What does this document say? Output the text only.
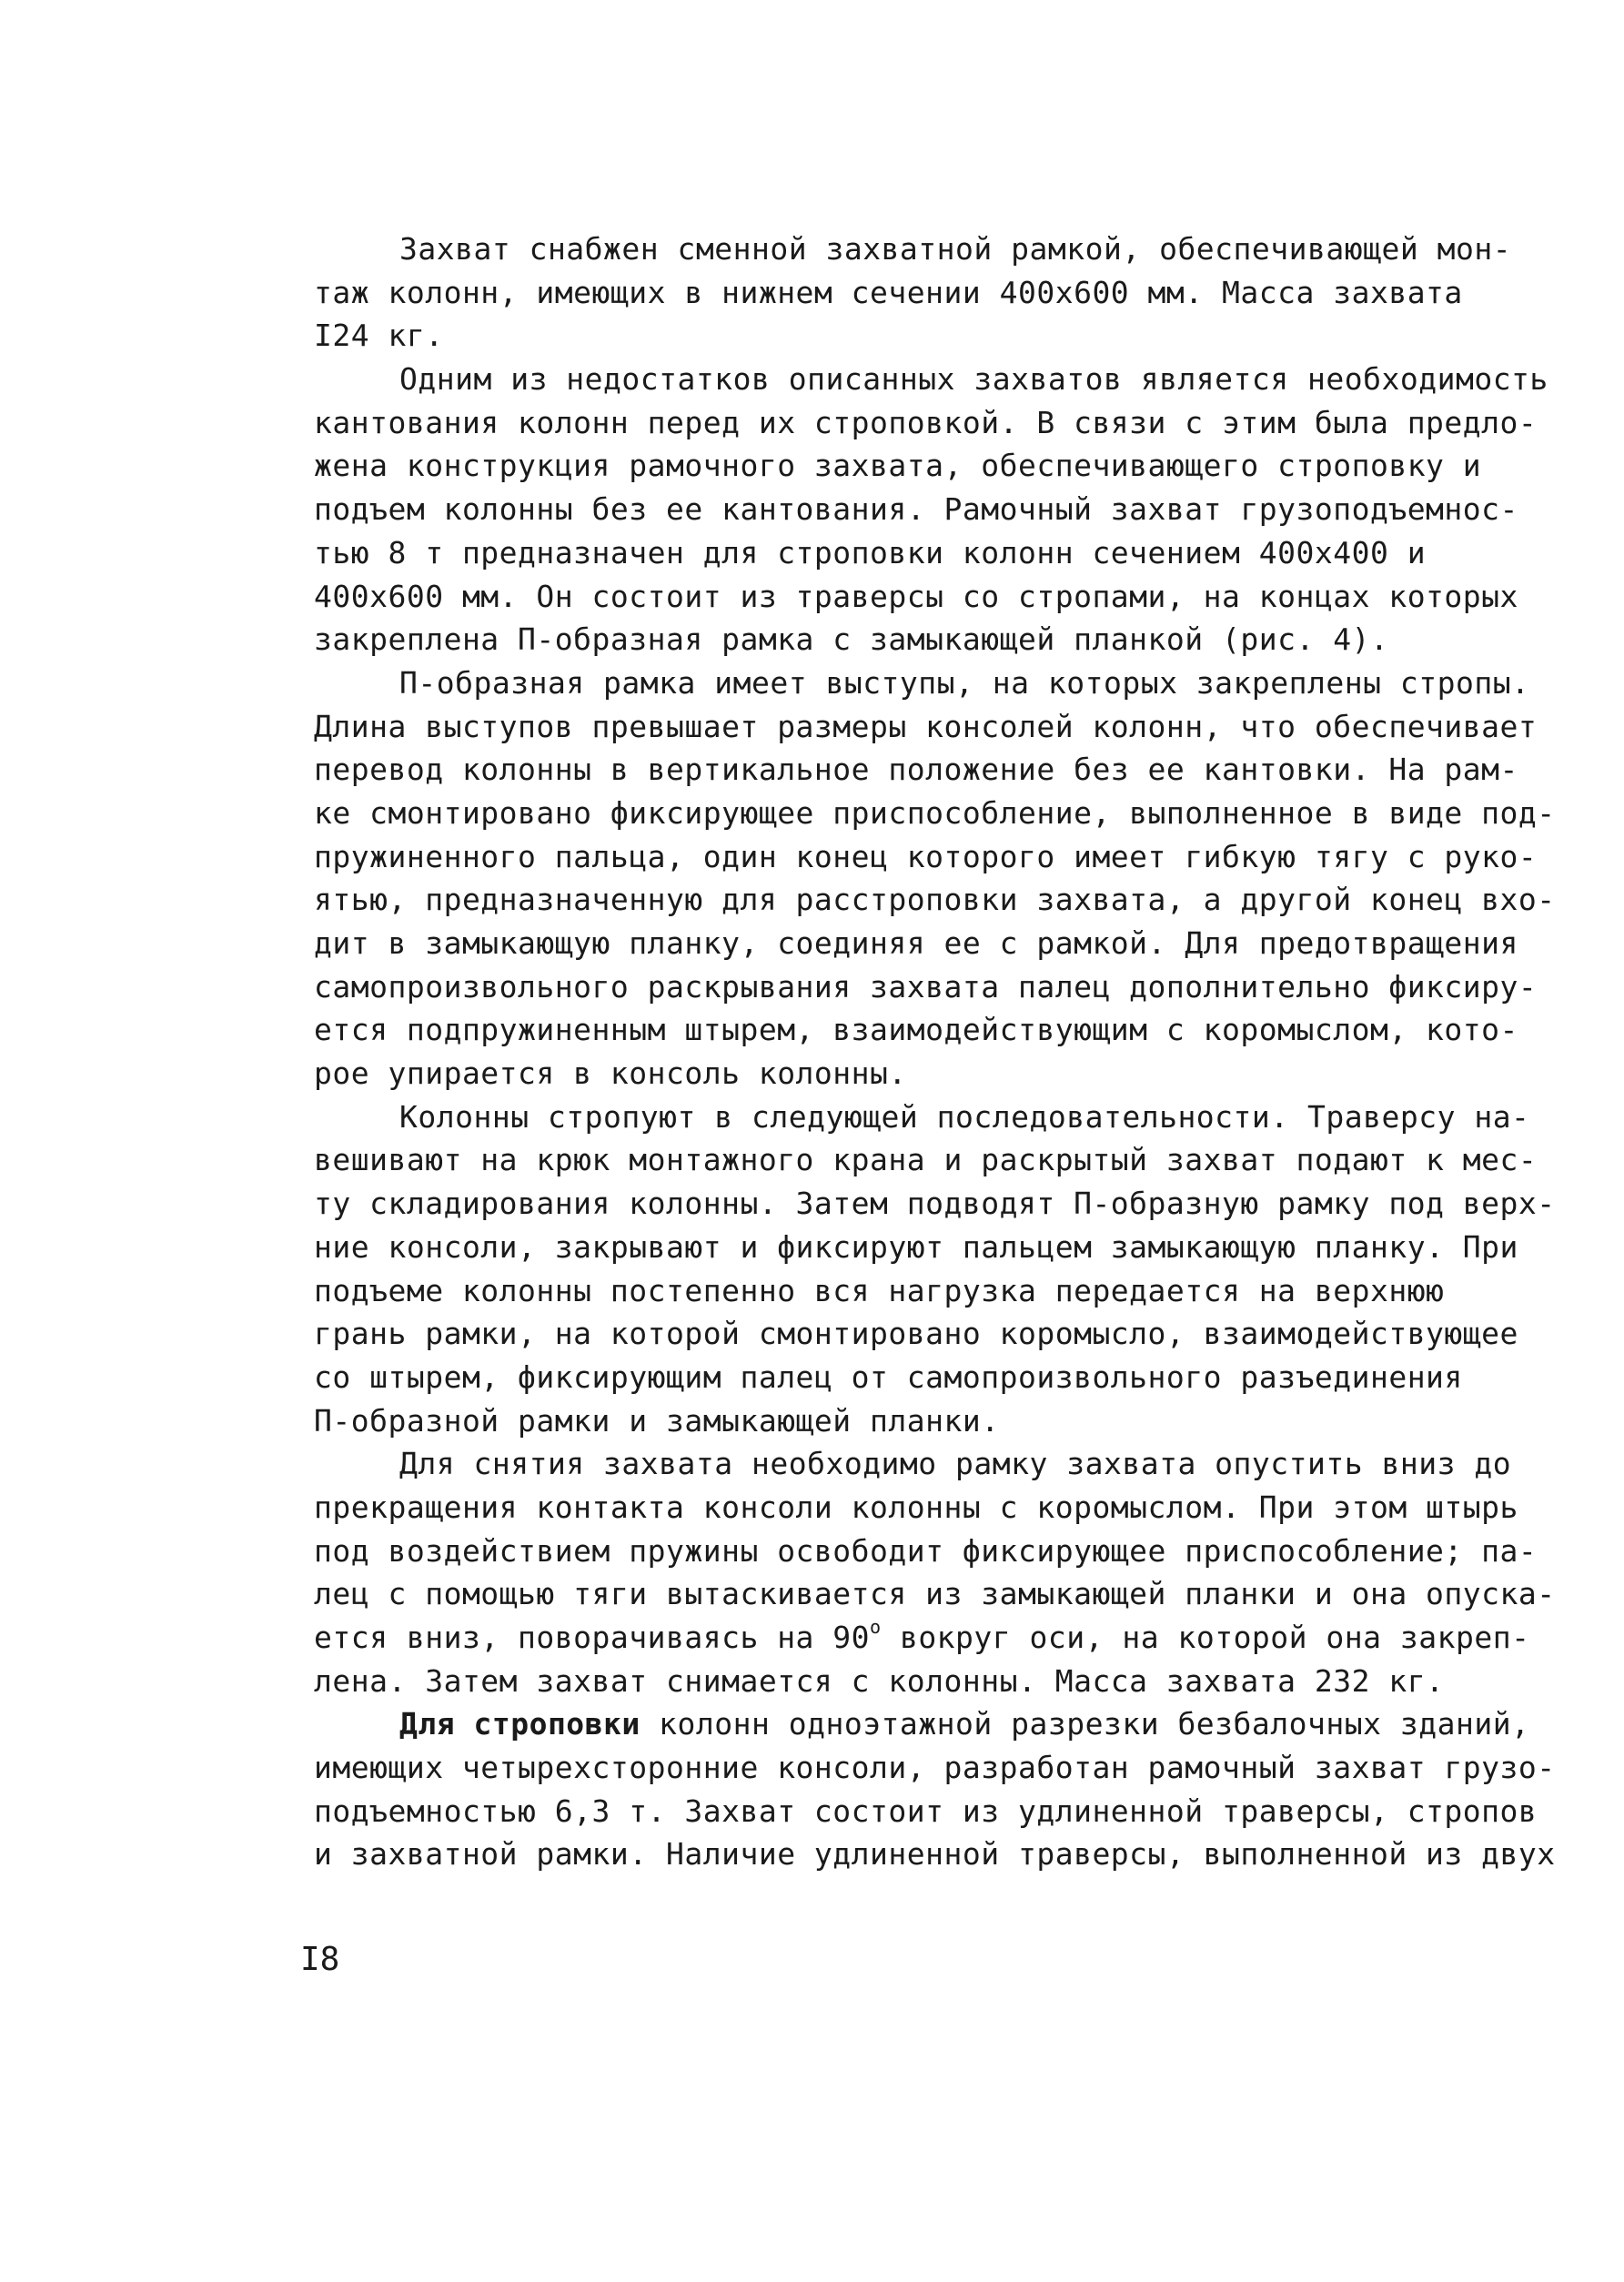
Захват снабжен сменной захватной рамкой, обеспечивающей мон-
таж колонн, имеющих в нижнем сечении 400х600 мм. Масса захвата
I24 кг.
Одним из недостатков описанных захватов является необходимость
кантования колонн перед их строповкой. В связи с этим была предло-
жена конструкция рамочного захвата, обеспечивающего строповку и
подъем колонны без ее кантования. Рамочный захват грузоподъемнос-
тью 8 т предназначен для строповки колонн сечением 400х400 и
400х600 мм. Он состоит из траверсы со стропами, на концах которых
закреплена П-образная рамка с замыкающей планкой (рис. 4).
П-образная рамка имеет выступы, на которых закреплены стропы.
Длина выступов превышает размеры консолей колонн, что обеспечивает
перевод колонны в вертикальное положение без ее кантовки. На рам-
ке смонтировано фиксирующее приспособление, выполненное в виде под-
пружиненного пальца, один конец которого имеет гибкую тягу с руко-
ятью, предназначенную для расстроповки захвата, а другой конец вхо-
дит в замыкающую планку, соединяя ее с рамкой. Для предотвращения
самопроизвольного раскрывания захвата палец дополнительно фиксиру-
ется подпружиненным штырем, взаимодействующим с коромыслом, кото-
рое упирается в консоль колонны.
Колонны стропуют в следующей последовательности. Траверсу на-
вешивают на крюк монтажного крана и раскрытый захват подают к мес-
ту складирования колонны. Затем подводят П-образную рамку под верх-
ние консоли, закрывают и фиксируют пальцем замыкающую планку. При
подъеме колонны постепенно вся нагрузка передается на верхнюю
грань рамки, на которой смонтировано коромысло, взаимодействующее
со штырем, фиксирующим палец от самопроизвольного разъединения
П-образной рамки и замыкающей планки.
Для снятия захвата необходимо рамку захвата опустить вниз до
прекращения контакта консоли колонны с коромыслом. При этом штырь
под воздействием пружины освободит фиксирующее приспособление; па-
лец с помощью тяги вытаскивается из замыкающей планки и она опуска-
ется вниз, поворачиваясь на $90^о$ вокруг оси, на которой она закреп-
лена. Затем захват снимается с колонны. Масса захвата 232 кг.
Для строповки колонн одноэтажной разрезки безбалочных зданий,
имеющих четырехсторонние консоли, разработан рамочный захват грузо-
подъемностью 6,3 т. Захват состоит из удлиненной траверсы, стропов
и захватной рамки. Наличие удлиненной траверсы, выполненной из двух
I8
